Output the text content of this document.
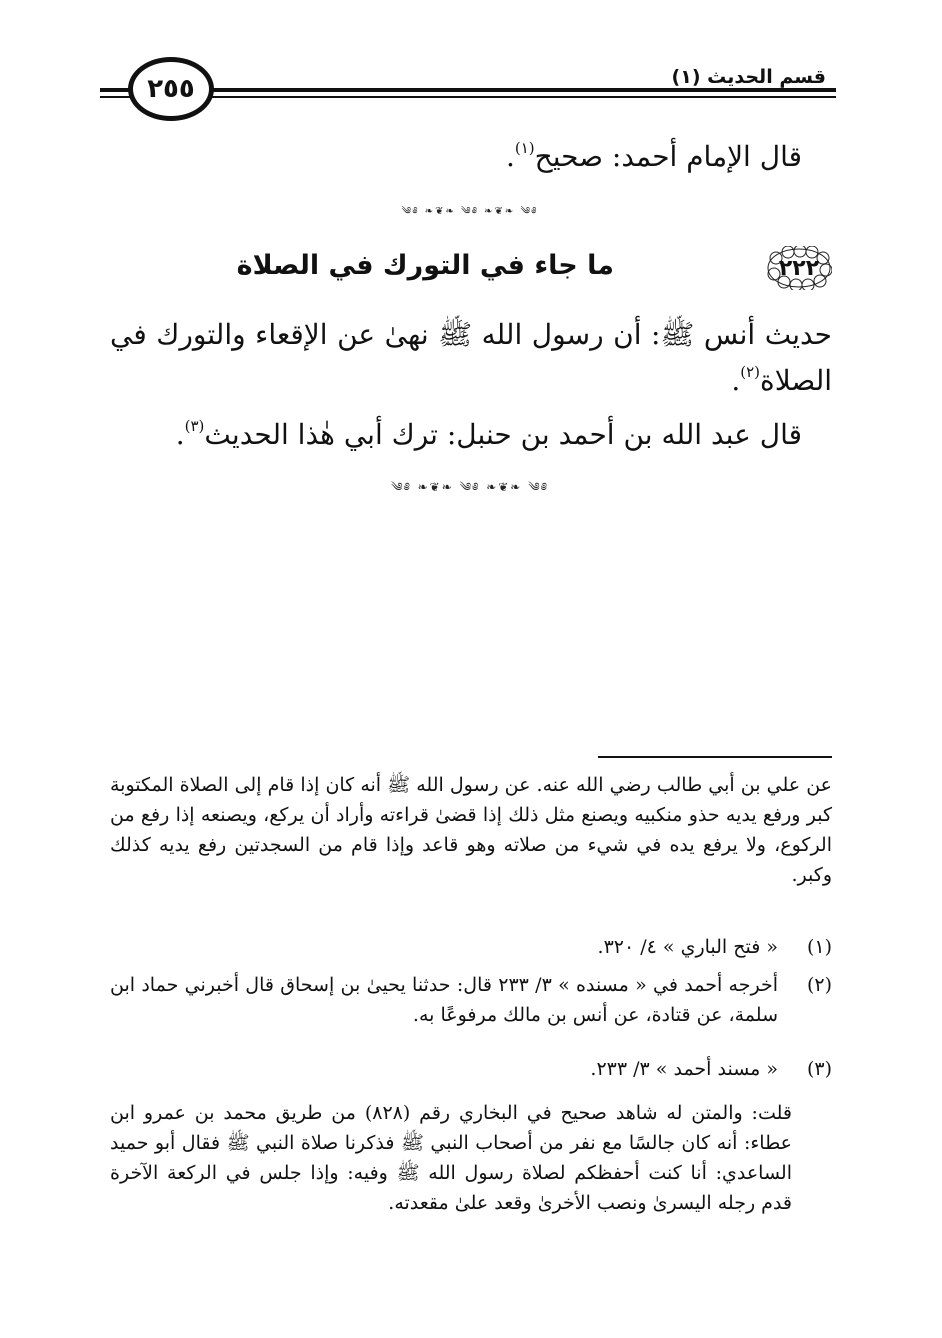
٢٥٥	قسم الحديث (١)
قال الإمام أحمد: صحيح$^{(١)}$.
༄༅ ❧❦❧ ༄༅ ❧❦❧ ༄༅
٢٢٢
ما جاء في التورك في الصلاة
حديث أنس ﷺ: أن رسول الله ﷺ نهىٰ عن الإقعاء والتورك في الصلاة$^{(٢)}$.
قال عبد الله بن أحمد بن حنبل: ترك أبي هٰذا الحديث$^{(٣)}$.
༄༅ ❧❦❧ ༄༅ ❧❦❧ ༄༅
عن علي بن أبي طالب رضي الله عنه. عن رسول الله ﷺ أنه كان إذا قام إلى الصلاة المكتوبة كبر ورفع يديه حذو منكبيه ويصنع مثل ذلك إذا قضىٰ قراءته وأراد أن يركع، ويصنعه إذا رفع من الركوع، ولا يرفع يده في شيء من صلاته وهو قاعد وإذا قام من السجدتين رفع يديه كذلك وكبر.
(١)
« فتح الباري » ٤/ ٣٢٠.
(٢)
أخرجه أحمد في « مسنده » ٣/ ٢٣٣ قال: حدثنا يحيىٰ بن إسحاق قال أخبرني حماد ابن سلمة، عن قتادة، عن أنس بن مالك مرفوعًا به.
(٣)
« مسند أحمد » ٣/ ٢٣٣.
قلت: والمتن له شاهد صحيح في البخاري رقم (٨٢٨) من طريق محمد بن عمرو ابن عطاء: أنه كان جالسًا مع نفر من أصحاب النبي ﷺ فذكرنا صلاة النبي ﷺ فقال أبو حميد الساعدي: أنا كنت أحفظكم لصلاة رسول الله ﷺ وفيه: وإذا جلس في الركعة الآخرة قدم رجله اليسرىٰ ونصب الأخرىٰ وقعد علىٰ مقعدته.
